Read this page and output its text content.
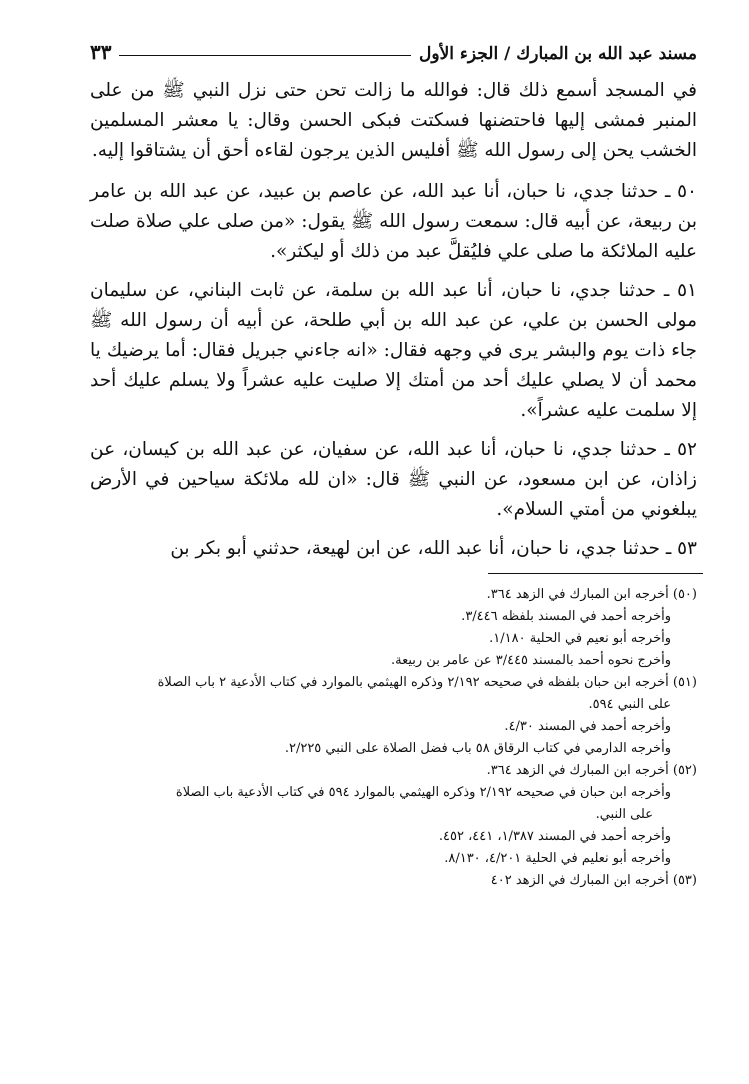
مسند عبد الله بن المبارك / الجزء الأول
٣٣

في المسجد أسمع ذلك قال: فوالله ما زالت تحن حتى نزل النبي ﷺ من على المنبر فمشى إليها فاحتضنها فسكتت فبكى الحسن وقال: يا معشر المسلمين الخشب يحن إلى رسول الله ﷺ أفليس الذين يرجون لقاءه أحق أن يشتاقوا إليه.

٥٠ ـ حدثنا جدي، نا حبان، أنا عبد الله، عن عاصم بن عبيد، عن عبد الله بن عامر بن ربيعة، عن أبيه قال: سمعت رسول الله ﷺ يقول: «من صلى علي صلاة صلت عليه الملائكة ما صلى علي فليُقلَّ عبد من ذلك أو ليكثر».

٥١ ـ حدثنا جدي، نا حبان، أنا عبد الله بن سلمة، عن ثابت البناني، عن سليمان مولى الحسن بن علي، عن عبد الله بن أبي طلحة، عن أبيه أن رسول الله ﷺ جاء ذات يوم والبشر يرى في وجهه فقال: «انه جاءني جبريل فقال: أما يرضيك يا محمد أن لا يصلي عليك أحد من أمتك إلا صليت عليه عشراً ولا يسلم عليك أحد إلا سلمت عليه عشراً».

٥٢ ـ حدثنا جدي، نا حبان، أنا عبد الله، عن سفيان، عن عبد الله بن كيسان، عن زاذان، عن ابن مسعود، عن النبي ﷺ قال: «ان لله ملائكة سياحين في الأرض يبلغوني من أمتي السلام».

٥٣ ـ حدثنا جدي، نا حبان، أنا عبد الله، عن ابن لهيعة، حدثني أبو بكر بن

(٥٠) أخرجه ابن المبارك في الزهد ٣٦٤.

وأخرجه أحمد في المسند بلفظه ٣/٤٤٦.

وأخرجه أبو نعيم في الحلية ١/١٨٠.

وأخرج نحوه أحمد بالمسند ٣/٤٤٥ عن عامر بن ربيعة.

(٥١) أخرجه ابن حبان بلفظه في صحيحه ٢/١٩٢ وذكره الهيثمي بالموارد في كتاب الأدعية ٢ باب الصلاة

على النبي ٥٩٤.

وأخرجه أحمد في المسند ٤/٣٠.

وأخرجه الدارمي في كتاب الرقاق ٥٨ باب فضل الصلاة على النبي ٢/٢٢٥.

(٥٢) أخرجه ابن المبارك في الزهد ٣٦٤.

وأخرجه ابن حبان في صحيحه ٢/١٩٢ وذكره الهيثمي بالموارد ٥٩٤ في كتاب الأدعية باب الصلاة

على النبي.

وأخرجه أحمد في المسند ١/٣٨٧، ٤٤١، ٤٥٢.

وأخرجه أبو نعليم في الحلية ٤/٢٠١، ٨/١٣٠.

(٥٣) أخرجه ابن المبارك في الزهد ٤٠٢
